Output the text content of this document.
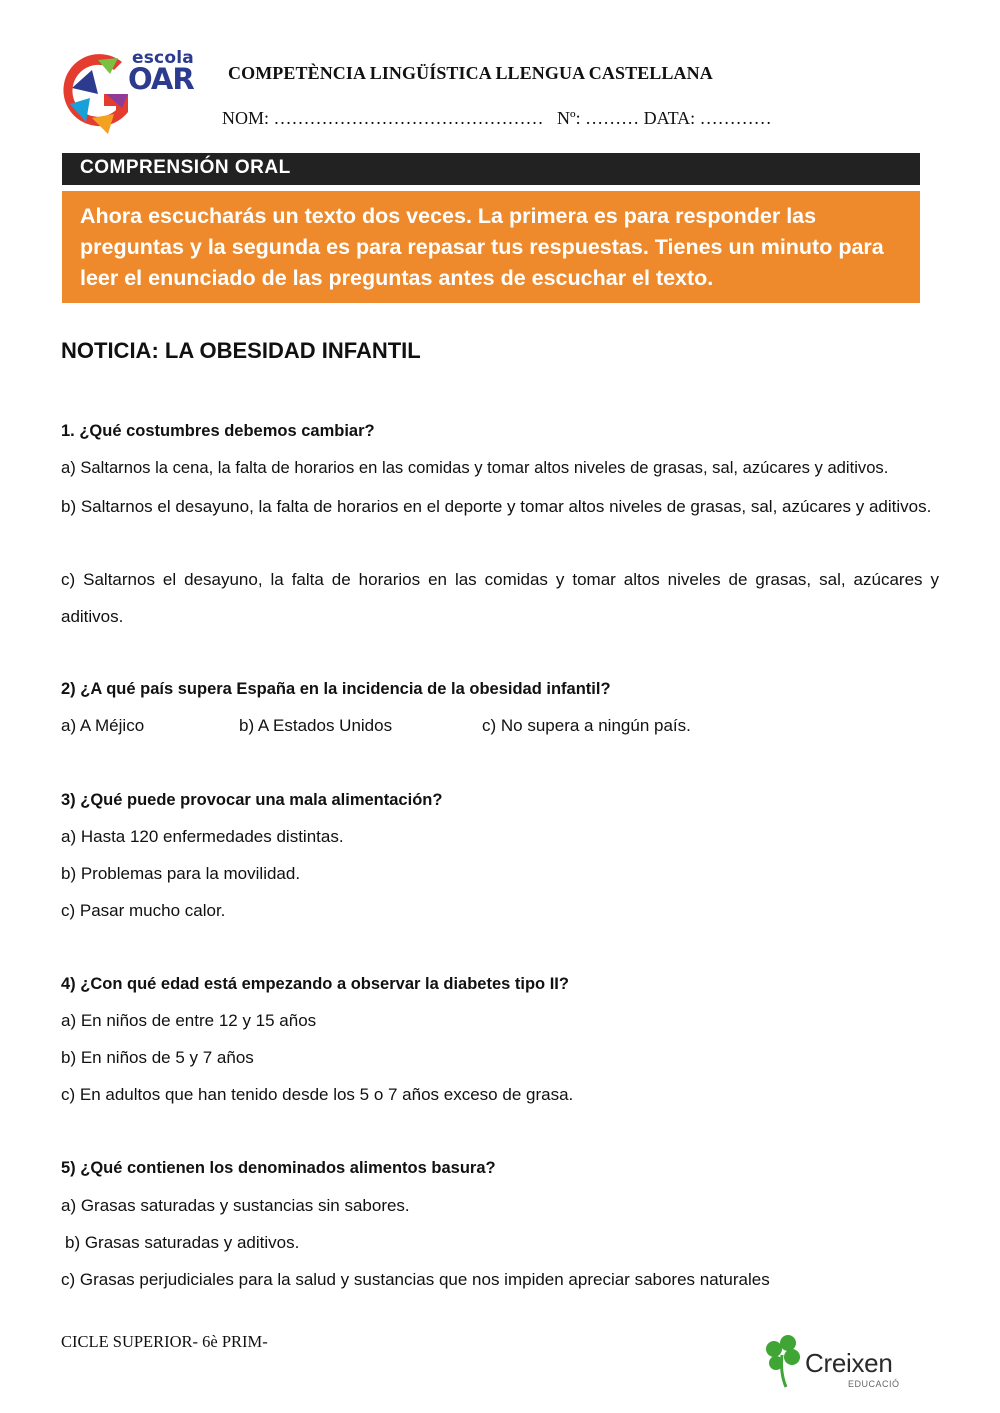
escola
OAR COMPETÈNCIA LINGÜÍSTICA LLENGUA CASTELLANA
NOM: ………………………………………   Nº: ……… DATA: …………
COMPRENSIÓN ORAL

Ahora escucharás un texto dos veces. La primera es para responder las preguntas y la segunda es para repasar tus respuestas. Tienes un minuto para leer el enunciado de las preguntas antes de escuchar el texto.

NOTICIA: LA OBESIDAD INFANTIL
1. ¿Qué costumbres debemos cambiar?
a) Saltarnos la cena, la falta de horarios en las comidas y tomar altos niveles de grasas, sal, azúcares y aditivos.
b) Saltarnos el desayuno, la falta de horarios en el deporte y tomar altos niveles de grasas, sal, azúcares y aditivos.
c) Saltarnos el desayuno, la falta de horarios en las comidas y tomar altos niveles de grasas, sal, azúcares y aditivos.
2) ¿A qué país supera España en la incidencia de la obesidad infantil?
a) A Méjico	b) A Estados Unidos	c) No supera a ningún país.
3) ¿Qué puede provocar una mala alimentación?
a) Hasta 120 enfermedades distintas.
b) Problemas para la movilidad.
c) Pasar mucho calor.
4) ¿Con qué edad está empezando a observar la diabetes tipo II?
a) En niños de entre 12 y 15 años
b) En niños de 5 y 7 años
c) En adultos que han tenido desde los 5 o 7 años exceso de grasa.
5) ¿Qué contienen los denominados alimentos basura?
a) Grasas saturadas y sustancias sin sabores.
b) Grasas saturadas y aditivos.
c) Grasas perjudiciales para la salud y sustancias que nos impiden apreciar sabores naturales
CICLE SUPERIOR- 6è PRIM-
Creixen
EDUCACIÓ
